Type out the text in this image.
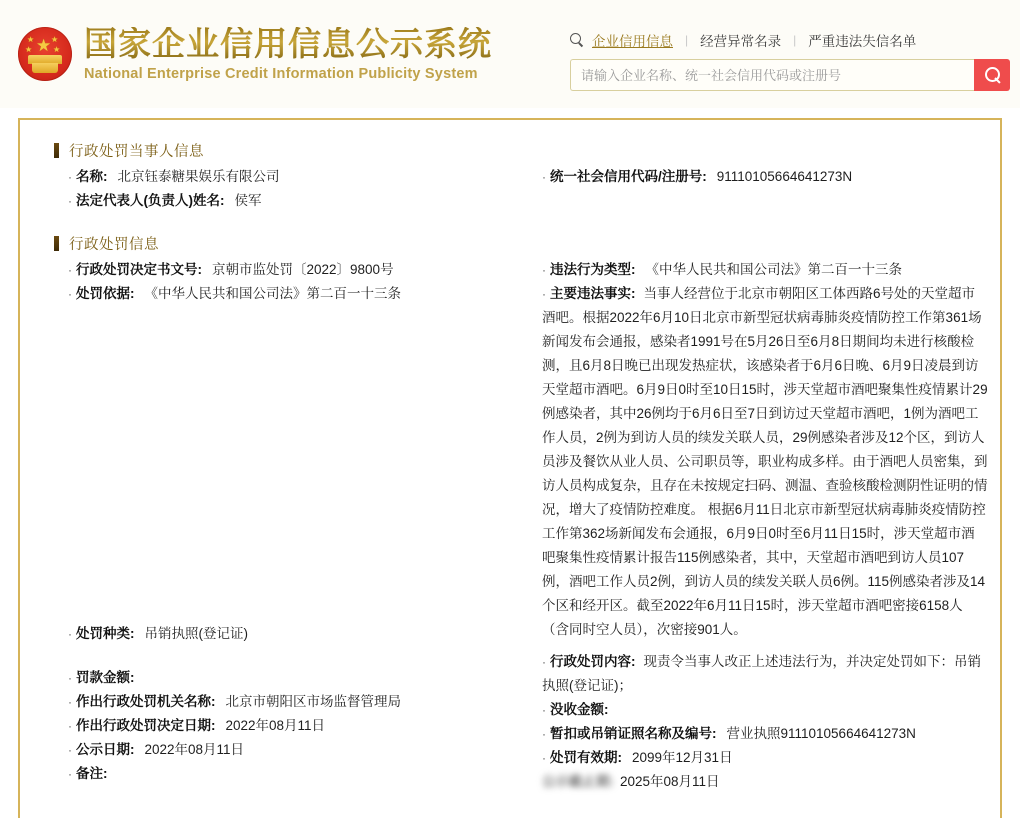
★
★ ★
★	★ 国家企业信用信息公示系统
National Enterprise Credit Information Publicity System
企业信用信息 | 经营异常名录 | 严重违法失信名单
请输入企业名称、统一社会信用代码或注册号
行政处罚当事人信息
· 名称: 北京钰泰糖果娱乐有限公司
· 法定代表人(负责人)姓名: 侯军
· 统一社会信用代码/注册号: 91110105664641273N
行政处罚信息
· 行政处罚决定书文号: 京朝市监处罚〔2022〕9800号
· 处罚依据: 《中华人民共和国公司法》第二百一十三条
· 处罚种类: 吊销执照(登记证)
· 罚款金额:
· 作出行政处罚机关名称: 北京市朝阳区市场监督管理局
· 作出行政处罚决定日期: 2022年08月11日
· 公示日期: 2022年08月11日
· 备注:
· 违法行为类型: 《中华人民共和国公司法》第二百一十三条
· 主要违法事实: 当事人经营位于北京市朝阳区工体西路6号处的天堂超市酒吧。根据2022年6月10日北京市新型冠状病毒肺炎疫情防控工作第361场新闻发布会通报，感染者1991号在5月26日至6月8日期间均未进行核酸检测，且6月8日晚已出现发热症状，该感染者于6月6日晚、6月9日凌晨到访天堂超市酒吧。6月9日0时至10日15时，涉天堂超市酒吧聚集性疫情累计29例感染者，其中26例均于6月6日至7日到访过天堂超市酒吧，1例为酒吧工作人员，2例为到访人员的续发关联人员，29例感染者涉及12个区，到访人员涉及餐饮从业人员、公司职员等，职业构成多样。由于酒吧人员密集，到访人员构成复杂，且存在未按规定扫码、测温、查验核酸检测阴性证明的情况，增大了疫情防控难度。 根据6月11日北京市新型冠状病毒肺炎疫情防控工作第362场新闻发布会通报，6月9日0时至6月11日15时，涉天堂超市酒吧聚集性疫情累计报告115例感染者，其中，天堂超市酒吧到访人员107例，酒吧工作人员2例，到访人员的续发关联人员6例。115例感染者涉及14个区和经开区。截至2022年6月11日15时，涉天堂超市酒吧密接6158人（含同时空人员），次密接901人。
· 行政处罚内容: 现责令当事人改正上述违法行为，并决定处罚如下：吊销执照(登记证)；
· 没收金额:
· 暂扣或吊销证照名称及编号: 营业执照91110105664641273N
· 处罚有效期: 2099年12月31日
公示截止期: 2025年08月11日
